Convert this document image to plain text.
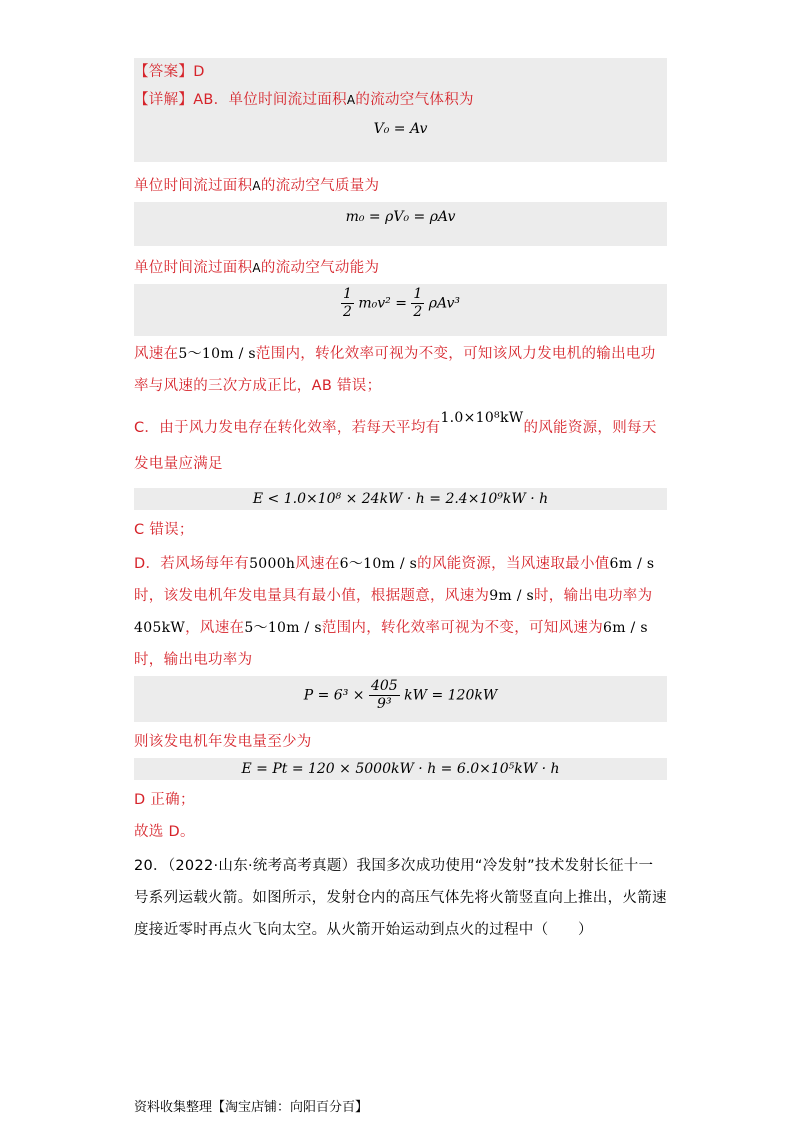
【答案】D
【详解】AB．单位时间流过面积A的流动空气体积为
V₀ = Av
单位时间流过面积A的流动空气质量为
m₀ = ρV₀ = ρAv
单位时间流过面积A的流动空气动能为
$\frac{1}{2} m_0v^2 = \frac{1}{2} \rho Av^3$
风速在5～10m / s范围内，转化效率可视为不变，可知该风力发电机的输出电功率与风速的三次方成正比，AB 错误；
C．由于风力发电存在转化效率，若每天平均有1.0×10⁸kW的风能资源，则每天发电量应满足
E < 1.0×10⁸ × 24kW · h = 2.4×10⁹kW · h
C 错误；
D．若风场每年有5000h风速在6～10m / s的风能资源，当风速取最小值6m / s时，该发电机年发电量具有最小值，根据题意，风速为9m / s时，输出电功率为405kW，风速在5～10m / s范围内，转化效率可视为不变，可知风速为6m / s时，输出电功率为
$P = 6^3 \times \frac{405}{\text{9³}}$ kW = 120kW
则该发电机年发电量至少为
E = Pt = 120 × 5000kW · h = 6.0×10⁵kW · h
D 正确；
故选 D。
20．（2022·山东·统考高考真题）我国多次成功使用“冷发射”技术发射长征十一号系列运载火箭。如图所示，发射仓内的高压气体先将火箭竖直向上推出，火箭速度接近零时再点火飞向太空。从火箭开始运动到点火的过程中（　　）
资料收集整理【淘宝店铺：向阳百分百】
